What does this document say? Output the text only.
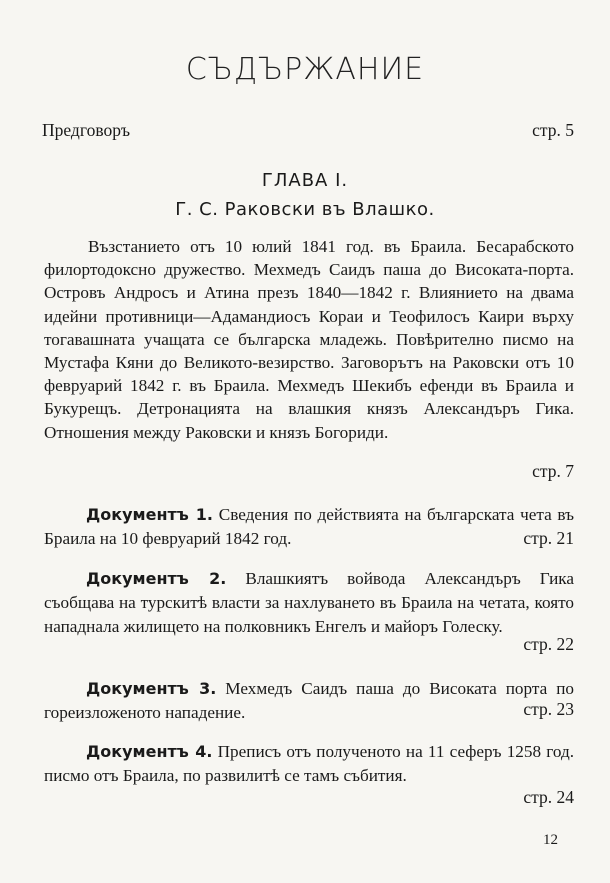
СЪДЪРЖАНИЕ
Предговоръ	стр. 5
ГЛАВА I.
Г. С. Раковски въ Влашко.
Възстанието отъ 10 юлий 1841 год. въ Браила. Бесарабското филортодоксно дружество. Мехмедъ Саидъ паша до Високата-порта. Островъ Андросъ и Атина презъ 1840—1842 г. Влиянието на двама идейни противници—Адамандиосъ Кораи и Теофилосъ Каири върху тогавашната учащата се българска младежь. Повѣрително писмо на Мустафа Кяни до Великото-везирство. Заговорътъ на Раковски отъ 10 февруарий 1842 г. въ Браила. Мехмедъ Шекибъ ефенди въ Браила и Букурещъ. Детронацията на влашкия князъ Александъръ Гика. Отношения между Раковски и князъ Богориди.
стр. 7
Документъ 1. Сведения по действията на българската чета въ Браила на 10 февруарий 1842 год.	стр. 21
Документъ 2. Влашкиятъ войвода Александъръ Гика съобщава на турскитѣ власти за нахлуването въ Браила на четата, която нападнала жилището на полковникъ Енгелъ и майоръ Голеску.
стр. 22
Документъ 3. Мехмедъ Саидъ паша до Високата порта по гореизложеното нападение.	стр. 23
Документъ 4. Преписъ отъ полученото на 11 сеферъ 1258 год. писмо отъ Браила, по развилитѣ се тамъ събития.
стр. 24
12
